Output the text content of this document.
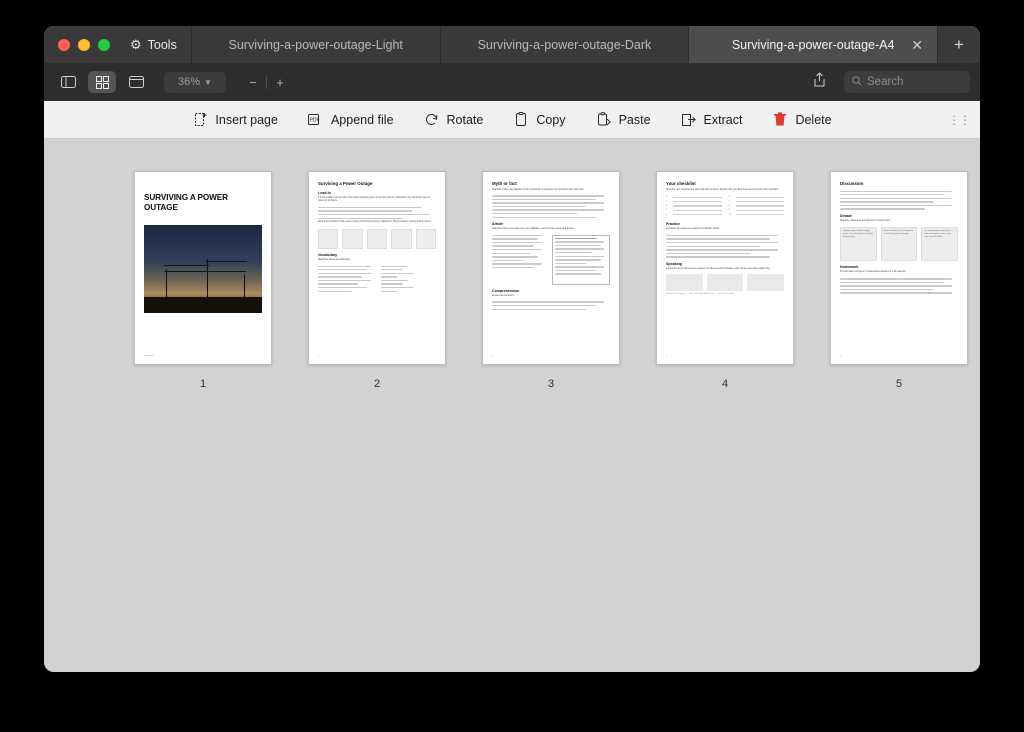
⚙ Tools	Surviving-a-power-outage-Light	Surviving-a-power-outage-Dark	Surviving-a-power-outage-A4 ✕	+
36% ▼	−	+	Search
Insert page	PDF Append file	Rotate	Copy	Paste	Extract	Delete	⋮⋮
SURVIVING A POWER OUTAGE
Worksheet
1
Surviving a Power Outage
Lead-in
It is the middle of winter when the power suddenly goes out across your city. Authorities say electricity may not return for 24 hours.
Work these problems that need to share and discuss during a classroom. Show answers, looking with a partner.
Vocabulary
Match the words and definitions.
1
2
Myth or fact
Read the myths, pay attention to the new words, and answer the questions after each part.
Article
Read the article and create your own database; check the key words and answer.
Comprehension
Answer the questions.
2
3
Your checklist
Describe your checklist and work that with the items. Explain why you think these items are the most important.
1.
2.
3.
4.
5.
6.
7.
8.
9.
10.
Practice
Complete the sentences using the vocabulary words.
Speaking
Look at the items during an emergency kit. Discuss which situation each can be used and explain why.
Tools for an emergency — Tools that people need to have — Tools that are useful
3
4
Discussion
Debate
Read the statements and discuss in small groups.
Supply outage should struggle and a role in identity of the people 50 years ago.
Media is often now of changed for use for living power outages.
Far more people preparing for a likely emergency means more time they will handle.
Homework
Provide basic emergency preparedness advice for a 10-year-old.
4
5
